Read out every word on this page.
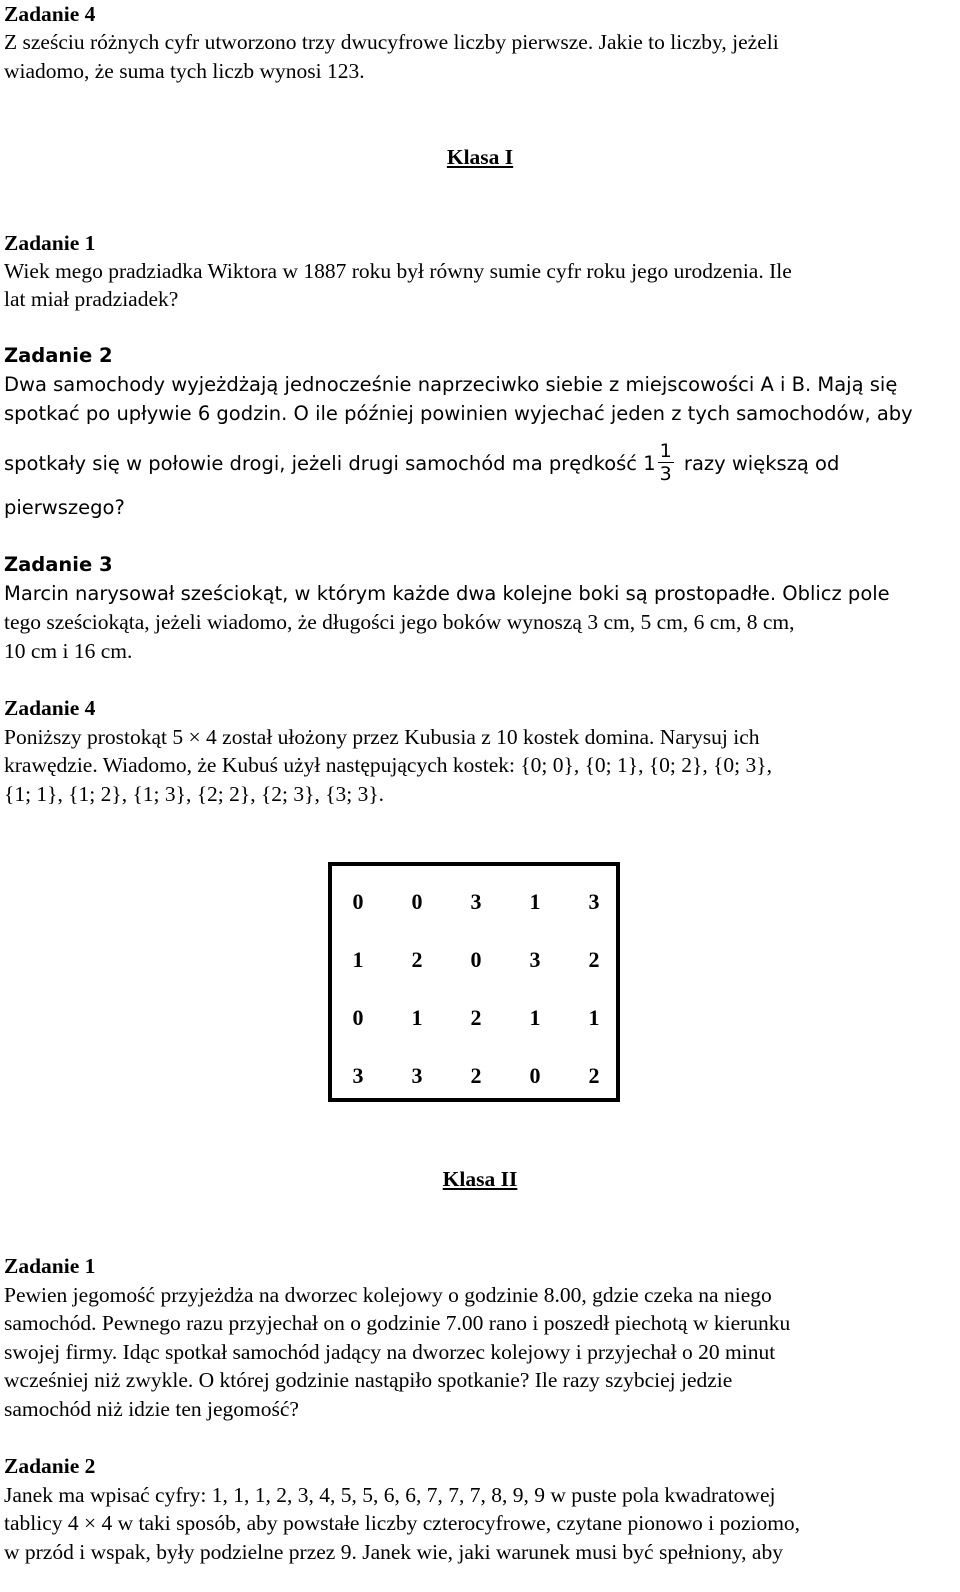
Zadanie 4
Z sześciu różnych cyfr utworzono trzy dwucyfrowe liczby pierwsze. Jakie to liczby, jeżeli
wiadomo, że suma tych liczb wynosi 123.
Klasa I
Zadanie 1
Wiek mego pradziadka Wiktora w 1887 roku był równy sumie cyfr roku jego urodzenia. Ile
lat miał pradziadek?
Zadanie 2
Dwa samochody wyjeżdżają jednocześnie naprzeciwko siebie z miejscowości A i B. Mają się
spotkać po upływie 6 godzin. O ile później powinien wyjechać jeden z tych samochodów, aby
spotkały się w połowie drogi, jeżeli drugi samochód ma prędkość $1 \frac{1}{3}$ razy większą od
pierwszego?
Zadanie 3
Marcin narysował sześciokąt, w którym każde dwa kolejne boki są prostopadłe. Oblicz pole
tego sześciokąta, jeżeli wiadomo, że długości jego boków wynoszą 3 cm, 5 cm, 6 cm, 8 cm,
10 cm i 16 cm.
Zadanie 4
Poniższy prostokąt 5 × 4 został ułożony przez Kubusia z 10 kostek domina. Narysuj ich
krawędzie. Wiadomo, że Kubuś użył następujących kostek: {0; 0}, {0; 1}, {0; 2}, {0; 3},
{1; 1}, {1; 2}, {1; 3}, {2; 2}, {2; 3}, {3; 3}.
0	0	3	1	3
1	2	0	3	2
0	1	2	1	1
3	3	2	0	2
Klasa II
Zadanie 1
Pewien jegomość przyjeżdża na dworzec kolejowy o godzinie 8.00, gdzie czeka na niego
samochód. Pewnego razu przyjechał on o godzinie 7.00 rano i poszedł piechotą w kierunku
swojej firmy. Idąc spotkał samochód jadący na dworzec kolejowy i przyjechał o 20 minut
wcześniej niż zwykle. O której godzinie nastąpiło spotkanie? Ile razy szybciej jedzie
samochód niż idzie ten jegomość?
Zadanie 2
Janek ma wpisać cyfry: 1, 1, 1, 2, 3, 4, 5, 5, 6, 6, 7, 7, 7, 8, 9, 9 w puste pola kwadratowej
tablicy 4 × 4 w taki sposób, aby powstałe liczby czterocyfrowe, czytane pionowo i poziomo,
w przód i wspak, były podzielne przez 9. Janek wie, jaki warunek musi być spełniony, aby
